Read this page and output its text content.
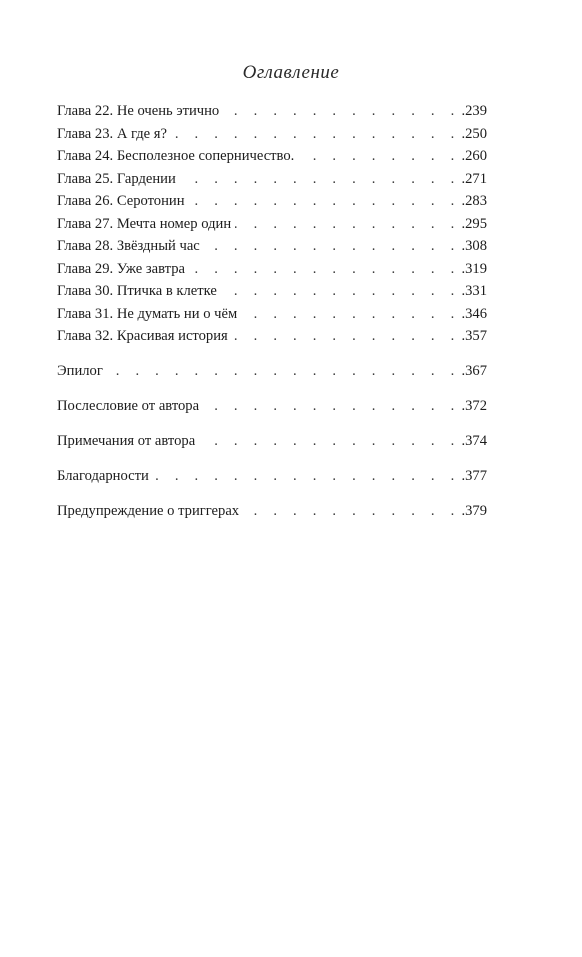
Оглавление
Глава 22. Не очень этично . . .	.239
Глава 23. А где я? . . .	.250
Глава 24. Бесполезное соперничество. . . .	.260
Глава 25. Гардении . . .	.271
Глава 26. Серотонин . . .	.283
Глава 27. Мечта номер один . . .	.295
Глава 28. Звёздный час . . .	.308
Глава 29. Уже завтра . . .	.319
Глава 30. Птичка в клетке . . .	.331
Глава 31. Не думать ни о чём . . .	.346
Глава 32. Красивая история . . .	.357
Эпилог . . .	.367
Послесловие от автора . . .	.372
Примечания от автора . . .	.374
Благодарности . . .	.377
Предупреждение о триггерах . . .	.379
